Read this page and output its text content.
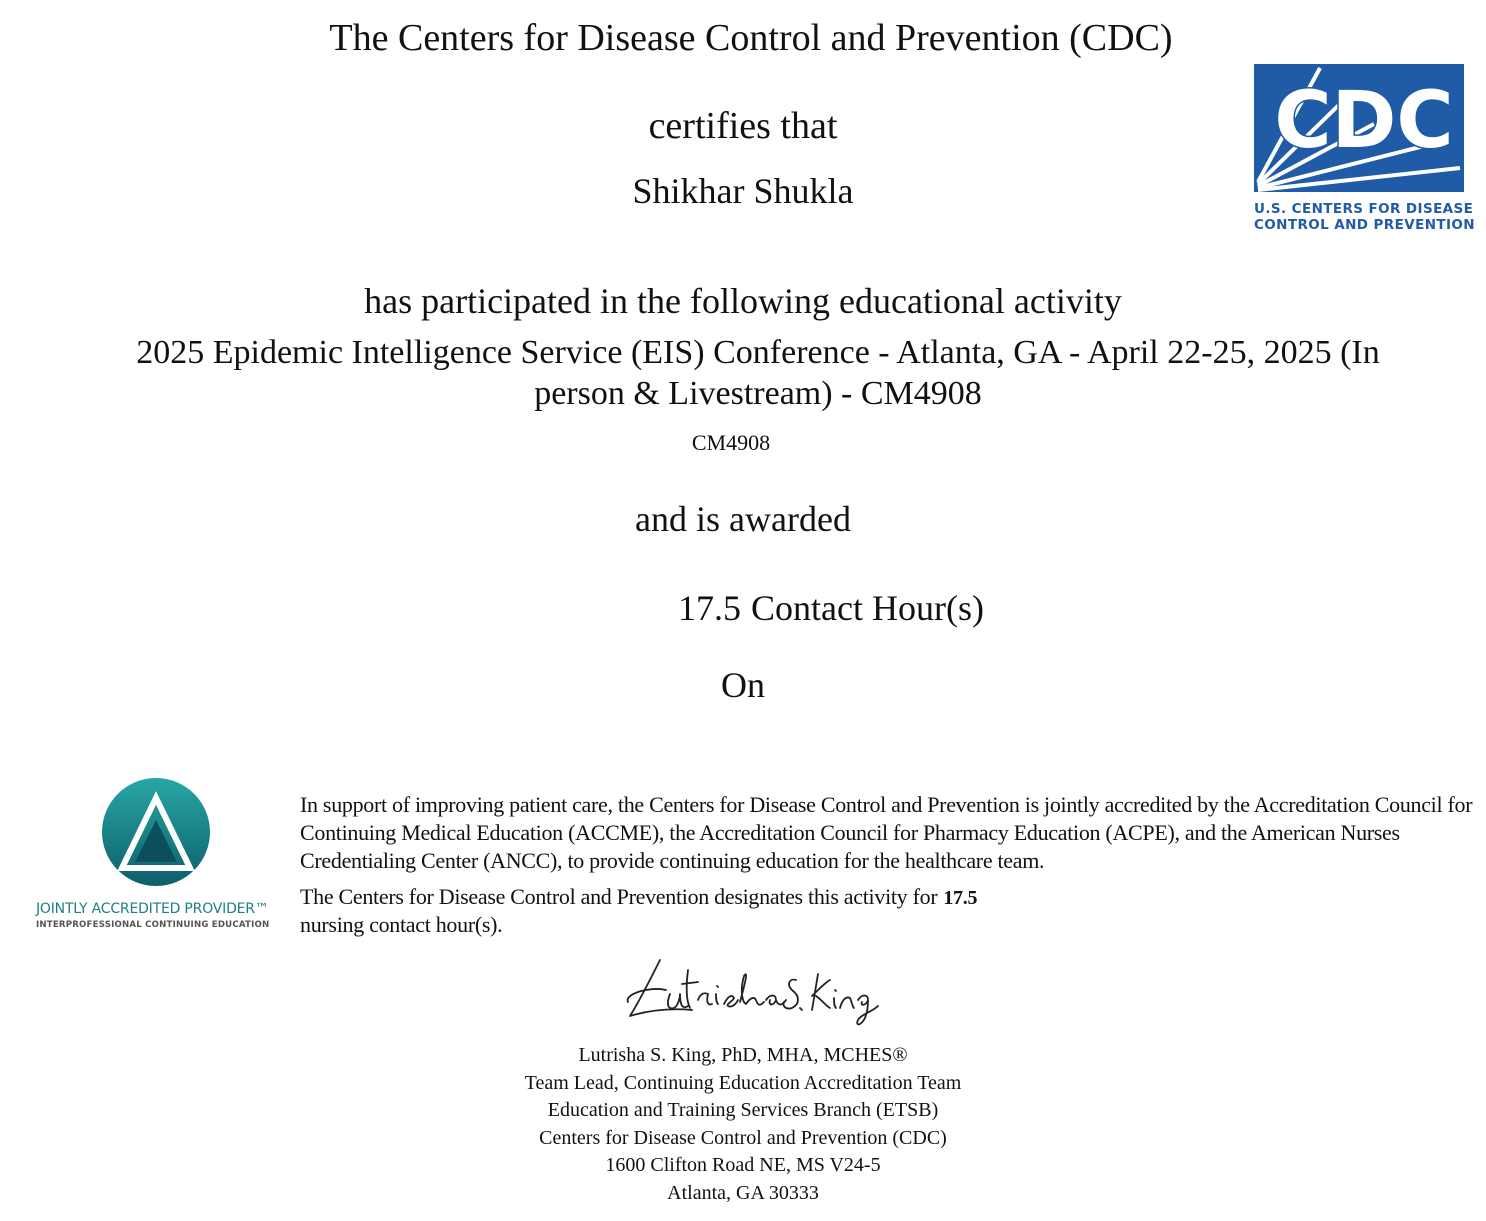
The Centers for Disease Control and Prevention (CDC)
certifies that
Shikhar Shukla
has participated in the following educational activity
2025 Epidemic Intelligence Service (EIS) Conference - Atlanta, GA - April 22-25, 2025 (In person & Livestream) - CM4908
CM4908
and is awarded
17.5 Contact Hour(s)
On
CDC
U.S. CENTERS FOR DISEASE
CONTROL AND PREVENTION
JOINTLY ACCREDITED PROVIDER™
INTERPROFESSIONAL CONTINUING EDUCATION
In support of improving patient care, the Centers for Disease Control and Prevention is jointly accredited by the Accreditation Council for Continuing Medical Education (ACCME), the Accreditation Council for Pharmacy Education (ACPE), and the American Nurses Credentialing Center (ANCC), to provide continuing education for the healthcare team.
The Centers for Disease Control and Prevention designates this activity for 17.5
nursing contact hour(s).
Lutrisha S. King
Lutrisha S. King, PhD, MHA, MCHES®
Team Lead, Continuing Education Accreditation Team
Education and Training Services Branch (ETSB)
Centers for Disease Control and Prevention (CDC)
1600 Clifton Road NE, MS V24-5
Atlanta, GA 30333
